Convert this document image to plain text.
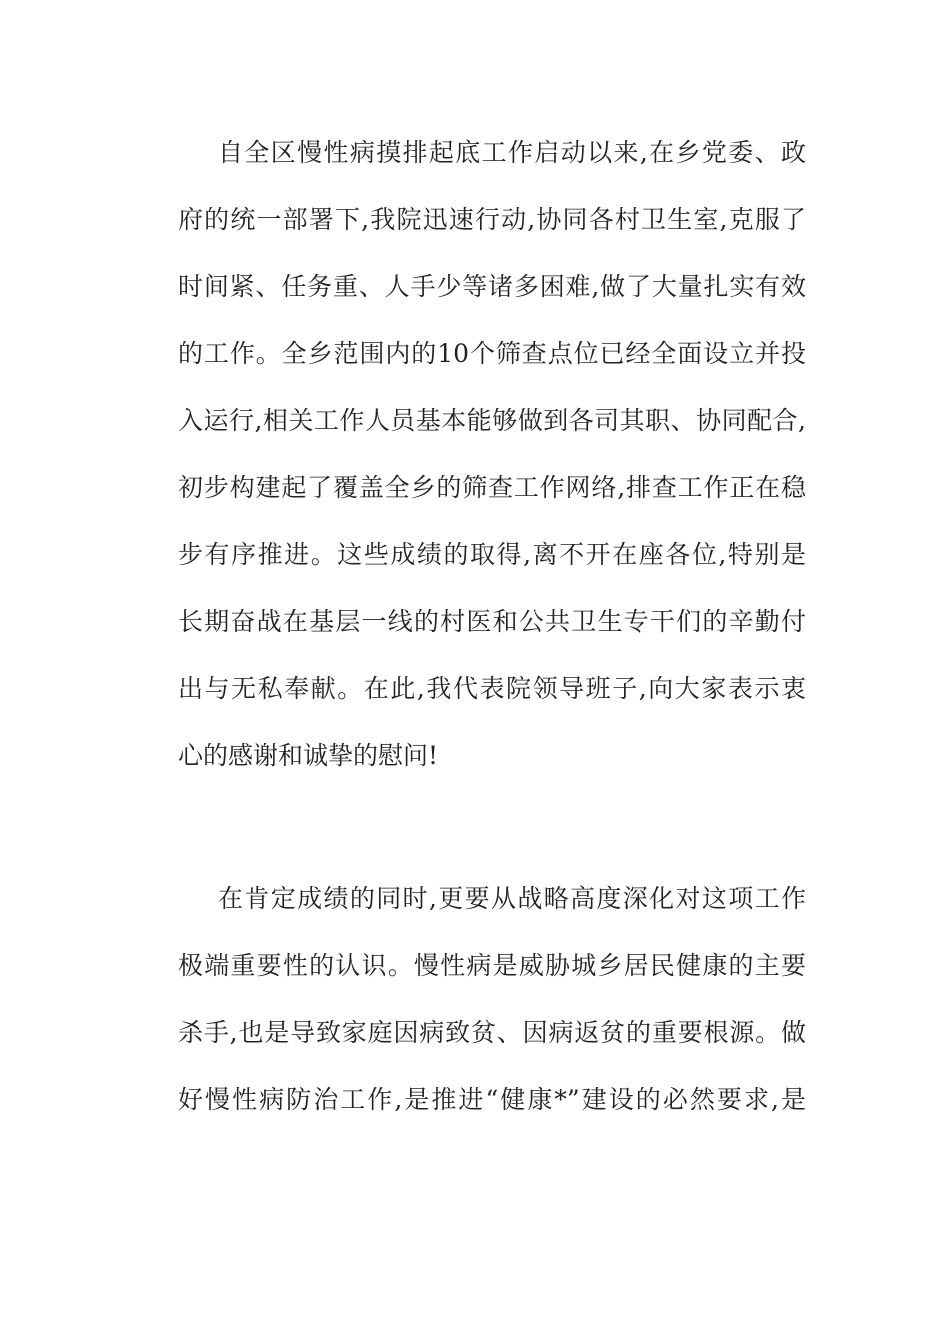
自全区慢性病摸排起底工作启动以来,在乡党委、政
府的统一部署下,我院迅速行动,协同各村卫生室,克服了
时间紧、任务重、人手少等诸多困难,做了大量扎实有效
的工作。全乡范围内的10个筛查点位已经全面设立并投
入运行,相关工作人员基本能够做到各司其职、协同配合,
初步构建起了覆盖全乡的筛查工作网络,排查工作正在稳
步有序推进。这些成绩的取得,离不开在座各位,特别是
长期奋战在基层一线的村医和公共卫生专干们的辛勤付
出与无私奉献。在此,我代表院领导班子,向大家表示衷
心的感谢和诚挚的慰问!
在肯定成绩的同时,更要从战略高度深化对这项工作
极端重要性的认识。慢性病是威胁城乡居民健康的主要
杀手,也是导致家庭因病致贫、因病返贫的重要根源。做
好慢性病防治工作,是推进“健康*”建设的必然要求,是
